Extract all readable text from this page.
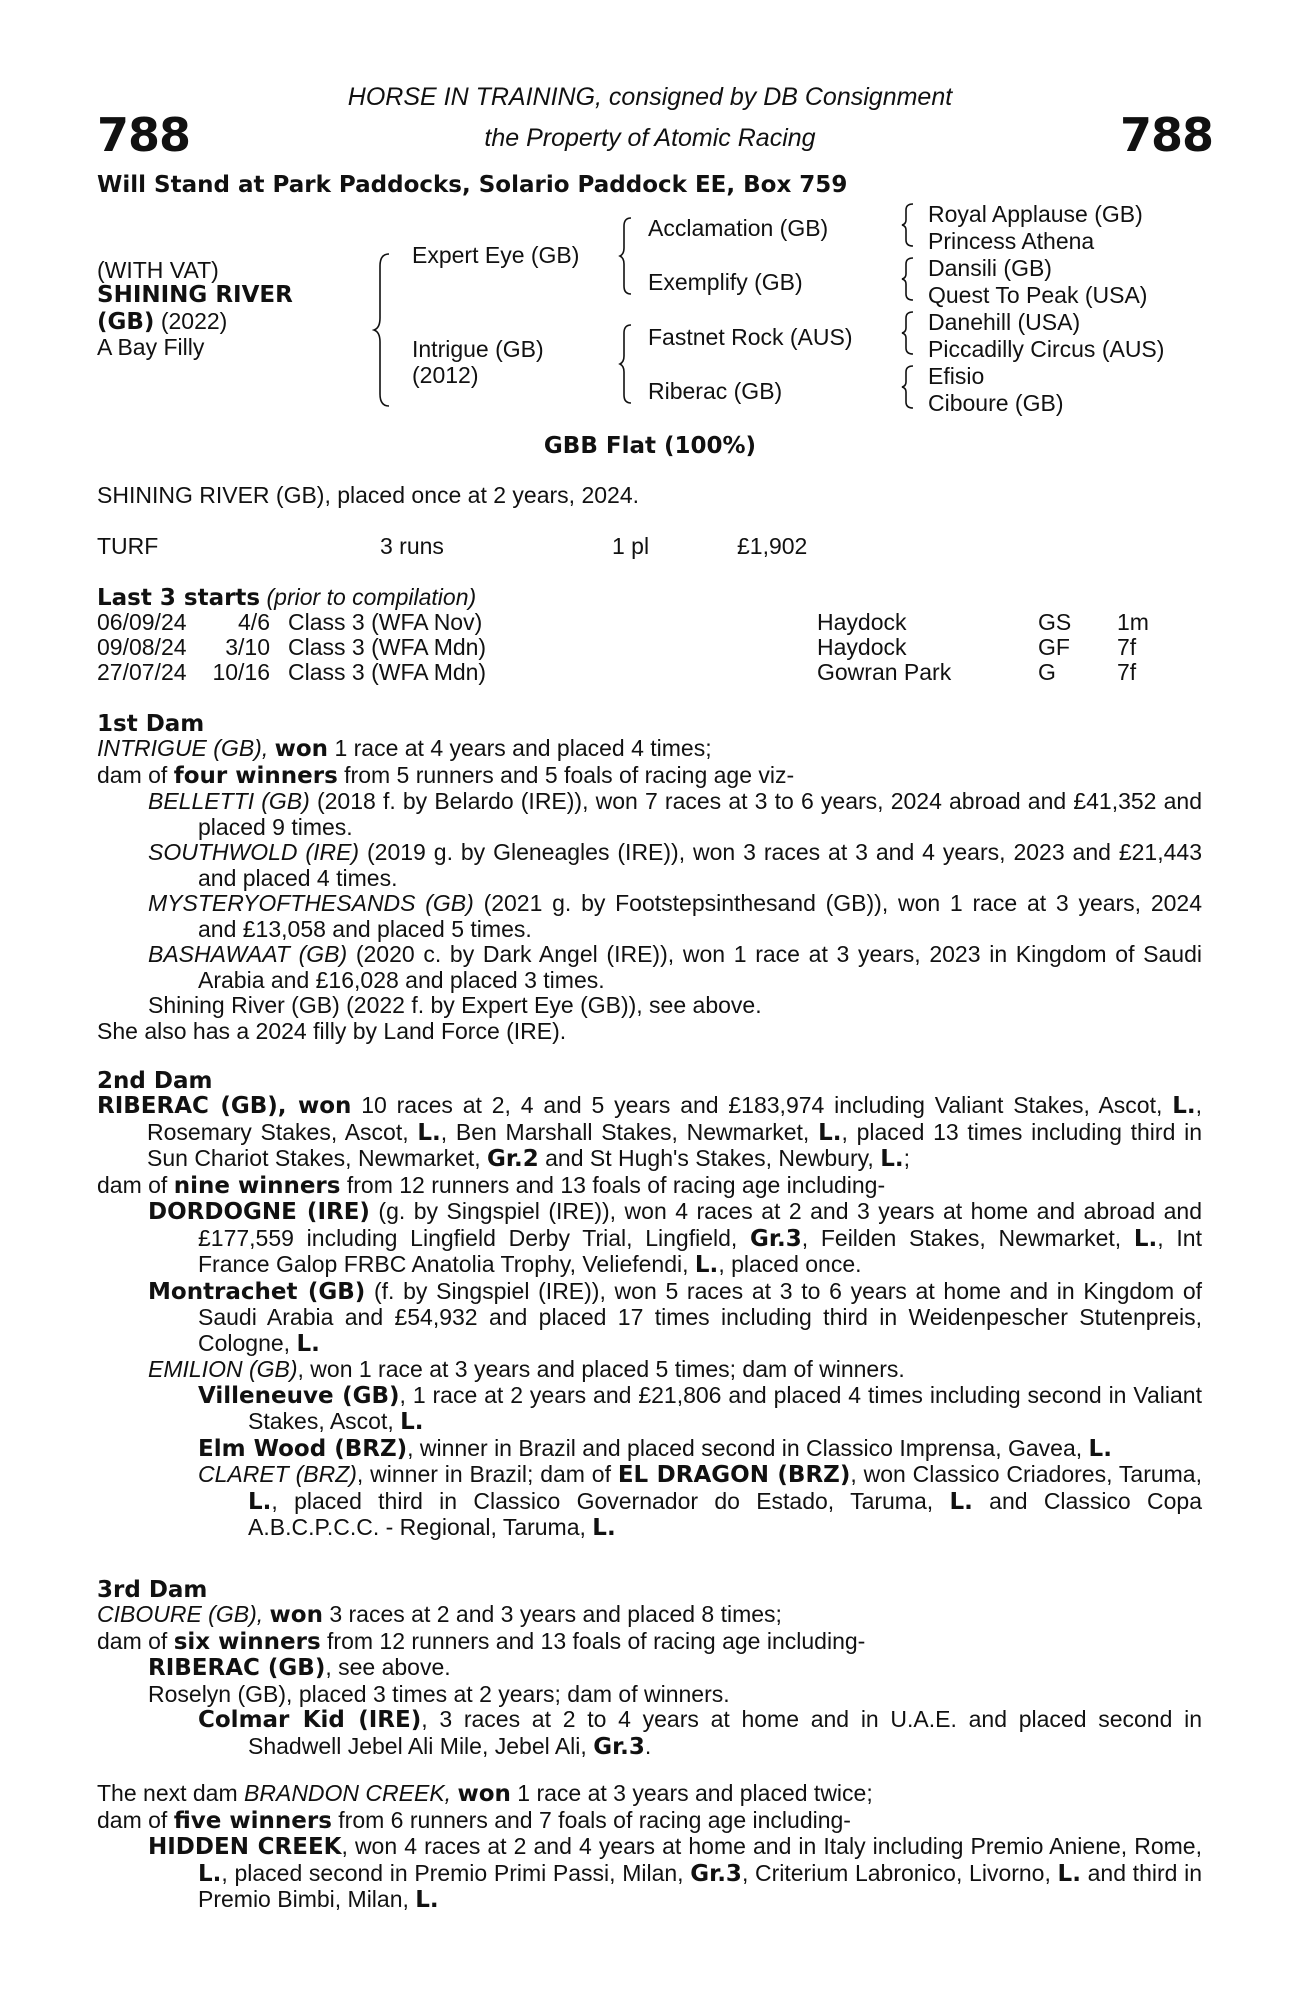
788	788
HORSE IN TRAINING, consigned by DB Consignment
the Property of Atomic Racing
Will Stand at Park Paddocks, Solario Paddock EE, Box 759
(WITH VAT)
SHINING RIVER
(GB) (2022)
A Bay Filly
Expert Eye (GB)
Intrigue (GB)
(2012)
Acclamation (GB)
Exemplify (GB)
Fastnet Rock (AUS)
Riberac (GB)
Royal Applause (GB)
Princess Athena
Dansili (GB)
Quest To Peak (USA)
Danehill (USA)
Piccadilly Circus (AUS)
Efisio
Ciboure (GB)
GBB Flat (100%)
SHINING RIVER (GB), placed once at 2 years, 2024.
TURF	3 runs	1 pl	£1,902
Last 3 starts (prior to compilation)
06/09/24	4/6 Class 3 (WFA Nov)	Haydock	GS 1m
09/08/24	3/10 Class 3 (WFA Mdn)	Haydock	GF 7f
27/07/24 10/16 Class 3 (WFA Mdn)	Gowran Park	G	7f
1st Dam

INTRIGUE (GB), won 1 race at 4 years and placed 4 times;

dam of four winners from 5 runners and 5 foals of racing age viz-

BELLETTI (GB) (2018 f. by Belardo (IRE)), won 7 races at 3 to 6 years, 2024 abroad and £41,352 and placed 9 times.

SOUTHWOLD (IRE) (2019 g. by Gleneagles (IRE)), won 3 races at 3 and 4 years, 2023 and £21,443 and placed 4 times.

MYSTERYOFTHESANDS (GB) (2021 g. by Footstepsinthesand (GB)), won 1 race at 3 years, 2024 and £13,058 and placed 5 times.

BASHAWAAT (GB) (2020 c. by Dark Angel (IRE)), won 1 race at 3 years, 2023 in Kingdom of Saudi Arabia and £16,028 and placed 3 times.

Shining River (GB) (2022 f. by Expert Eye (GB)), see above.

She also has a 2024 filly by Land Force (IRE).

2nd Dam

RIBERAC (GB), won 10 races at 2, 4 and 5 years and £183,974 including Valiant Stakes, Ascot, L., Rosemary Stakes, Ascot, L., Ben Marshall Stakes, Newmarket, L., placed 13 times including third in Sun Chariot Stakes, Newmarket, Gr.2 and St Hugh's Stakes, Newbury, L.;

dam of nine winners from 12 runners and 13 foals of racing age including-

DORDOGNE (IRE) (g. by Singspiel (IRE)), won 4 races at 2 and 3 years at home and abroad and £177,559 including Lingfield Derby Trial, Lingfield, Gr.3, Feilden Stakes, Newmarket, L., Int France Galop FRBC Anatolia Trophy, Veliefendi, L., placed once.

Montrachet (GB) (f. by Singspiel (IRE)), won 5 races at 3 to 6 years at home and in Kingdom of Saudi Arabia and £54,932 and placed 17 times including third in Weidenpescher Stutenpreis, Cologne, L.

EMILION (GB), won 1 race at 3 years and placed 5 times; dam of winners.

Villeneuve (GB), 1 race at 2 years and £21,806 and placed 4 times including second in Valiant Stakes, Ascot, L.

Elm Wood (BRZ), winner in Brazil and placed second in Classico Imprensa, Gavea, L.

CLARET (BRZ), winner in Brazil; dam of EL DRAGON (BRZ), won Classico Criadores, Taruma, L., placed third in Classico Governador do Estado, Taruma, L. and Classico Copa A.B.C.P.C.C. - Regional, Taruma, L.

3rd Dam

CIBOURE (GB), won 3 races at 2 and 3 years and placed 8 times;

dam of six winners from 12 runners and 13 foals of racing age including-

RIBERAC (GB), see above.

Roselyn (GB), placed 3 times at 2 years; dam of winners.

Colmar Kid (IRE), 3 races at 2 to 4 years at home and in U.A.E. and placed second in Shadwell Jebel Ali Mile, Jebel Ali, Gr.3.

The next dam BRANDON CREEK, won 1 race at 3 years and placed twice;

dam of five winners from 6 runners and 7 foals of racing age including-

HIDDEN CREEK, won 4 races at 2 and 4 years at home and in Italy including Premio Aniene, Rome, L., placed second in Premio Primi Passi, Milan, Gr.3, Criterium Labronico, Livorno, L. and third in Premio Bimbi, Milan, L.
